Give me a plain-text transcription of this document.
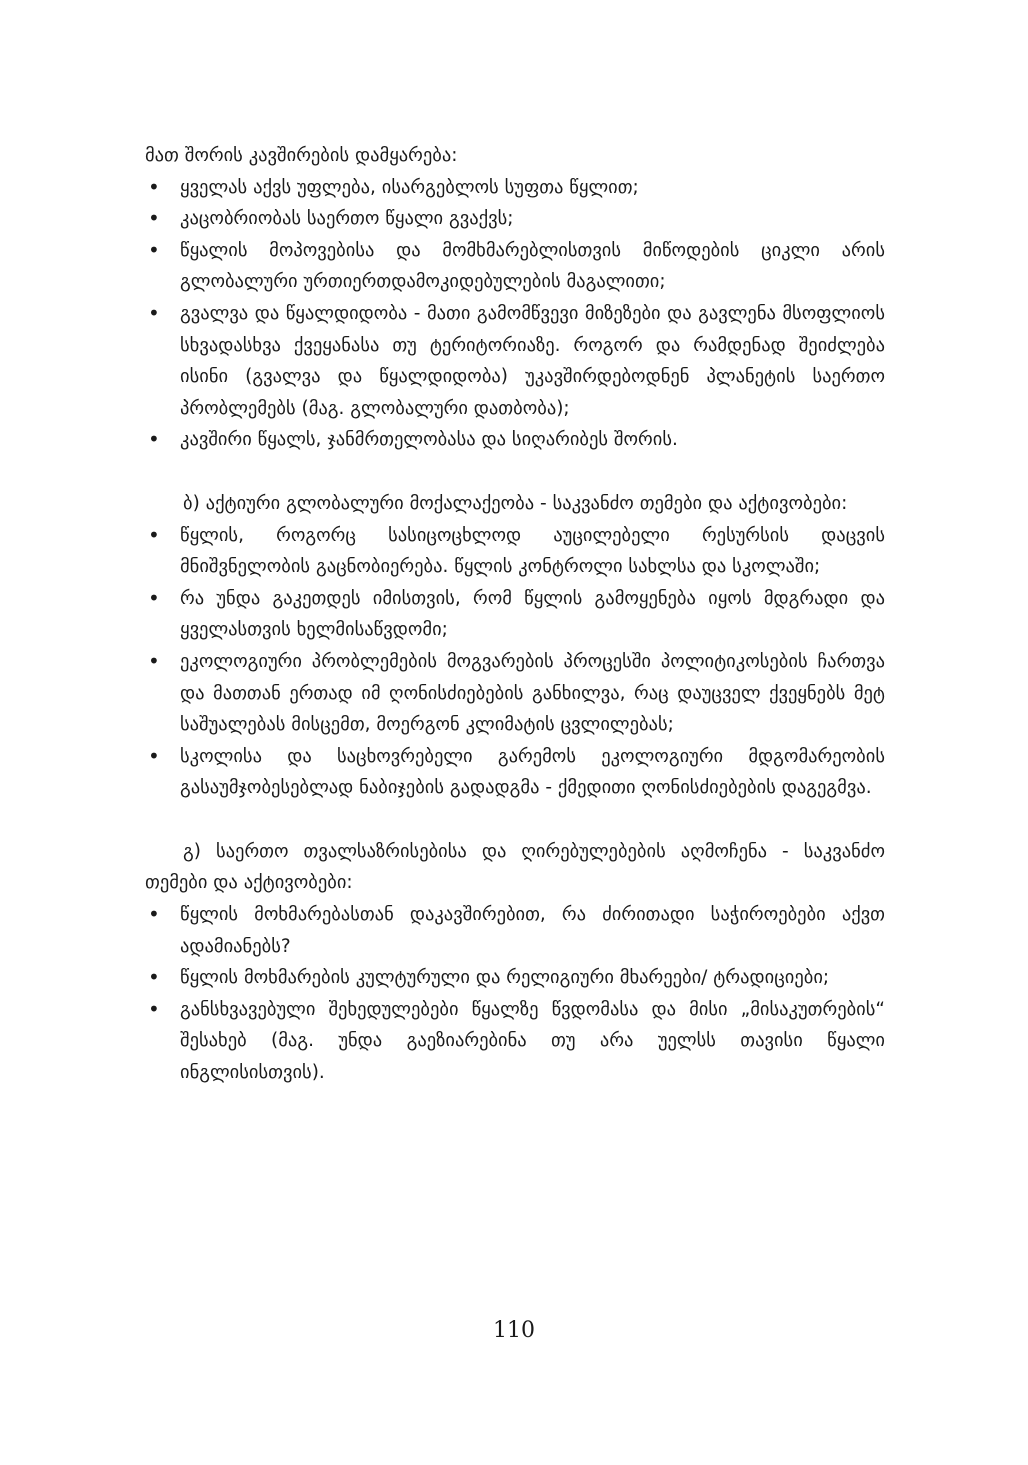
მათ შორის კავშირების დამყარება:

• ყველას აქვს უფლება, ისარგებლოს სუფთა წყლით;
• კაცობრიობას საერთო წყალი გვაქვს;
• წყალის მოპოვებისა და მომხმარებლისთვის მიწოდების ციკლი არის გლობალური ურთიერთდამოკიდებულების მაგალითი;
• გვალვა და წყალდიდობა - მათი გამომწვევი მიზეზები და გავლენა მსოფლიოს სხვადასხვა ქვეყანასა თუ ტერიტორიაზე. როგორ და რამდენად შეიძლება ისინი (გვალვა და წყალდიდობა) უკავშირდებოდნენ პლანეტის საერთო პრობლემებს (მაგ. გლობალური დათბობა);
• კავშირი წყალს, ჯანმრთელობასა და სიღარიბეს შორის.

ბ) აქტიური გლობალური მოქალაქეობა - საკვანძო თემები და აქტივობები:

• წყლის, როგორც სასიცოცხლოდ აუცილებელი რესურსის დაცვის მნიშვნელობის გაცნობიერება. წყლის კონტროლი სახლსა და სკოლაში;
• რა უნდა გაკეთდეს იმისთვის, რომ წყლის გამოყენება იყოს მდგრადი და ყველასთვის ხელმისაწვდომი;
• ეკოლოგიური პრობლემების მოგვარების პროცესში პოლიტიკოსების ჩართვა და მათთან ერთად იმ ღონისძიებების განხილვა, რაც დაუცველ ქვეყნებს მეტ საშუალებას მისცემთ, მოერგონ კლიმატის ცვლილებას;
• სკოლისა და საცხოვრებელი გარემოს ეკოლოგიური მდგომარეობის გასაუმჯობესებლად ნაბიჯების გადადგმა - ქმედითი ღონისძიებების დაგეგმვა.

გ) საერთო თვალსაზრისებისა და ღირებულებების აღმოჩენა - საკვანძო თემები და აქტივობები:

• წყლის მოხმარებასთან დაკავშირებით, რა ძირითადი საჭიროებები აქვთ ადამიანებს?
• წყლის მოხმარების კულტურული და რელიგიური მხარეები/ ტრადიციები;
• განსხვავებული შეხედულებები წყალზე წვდომასა და მისი „მისაკუთრების“ შესახებ (მაგ. უნდა გაეზიარებინა თუ არა უელსს თავისი წყალი ინგლისისთვის).
110
